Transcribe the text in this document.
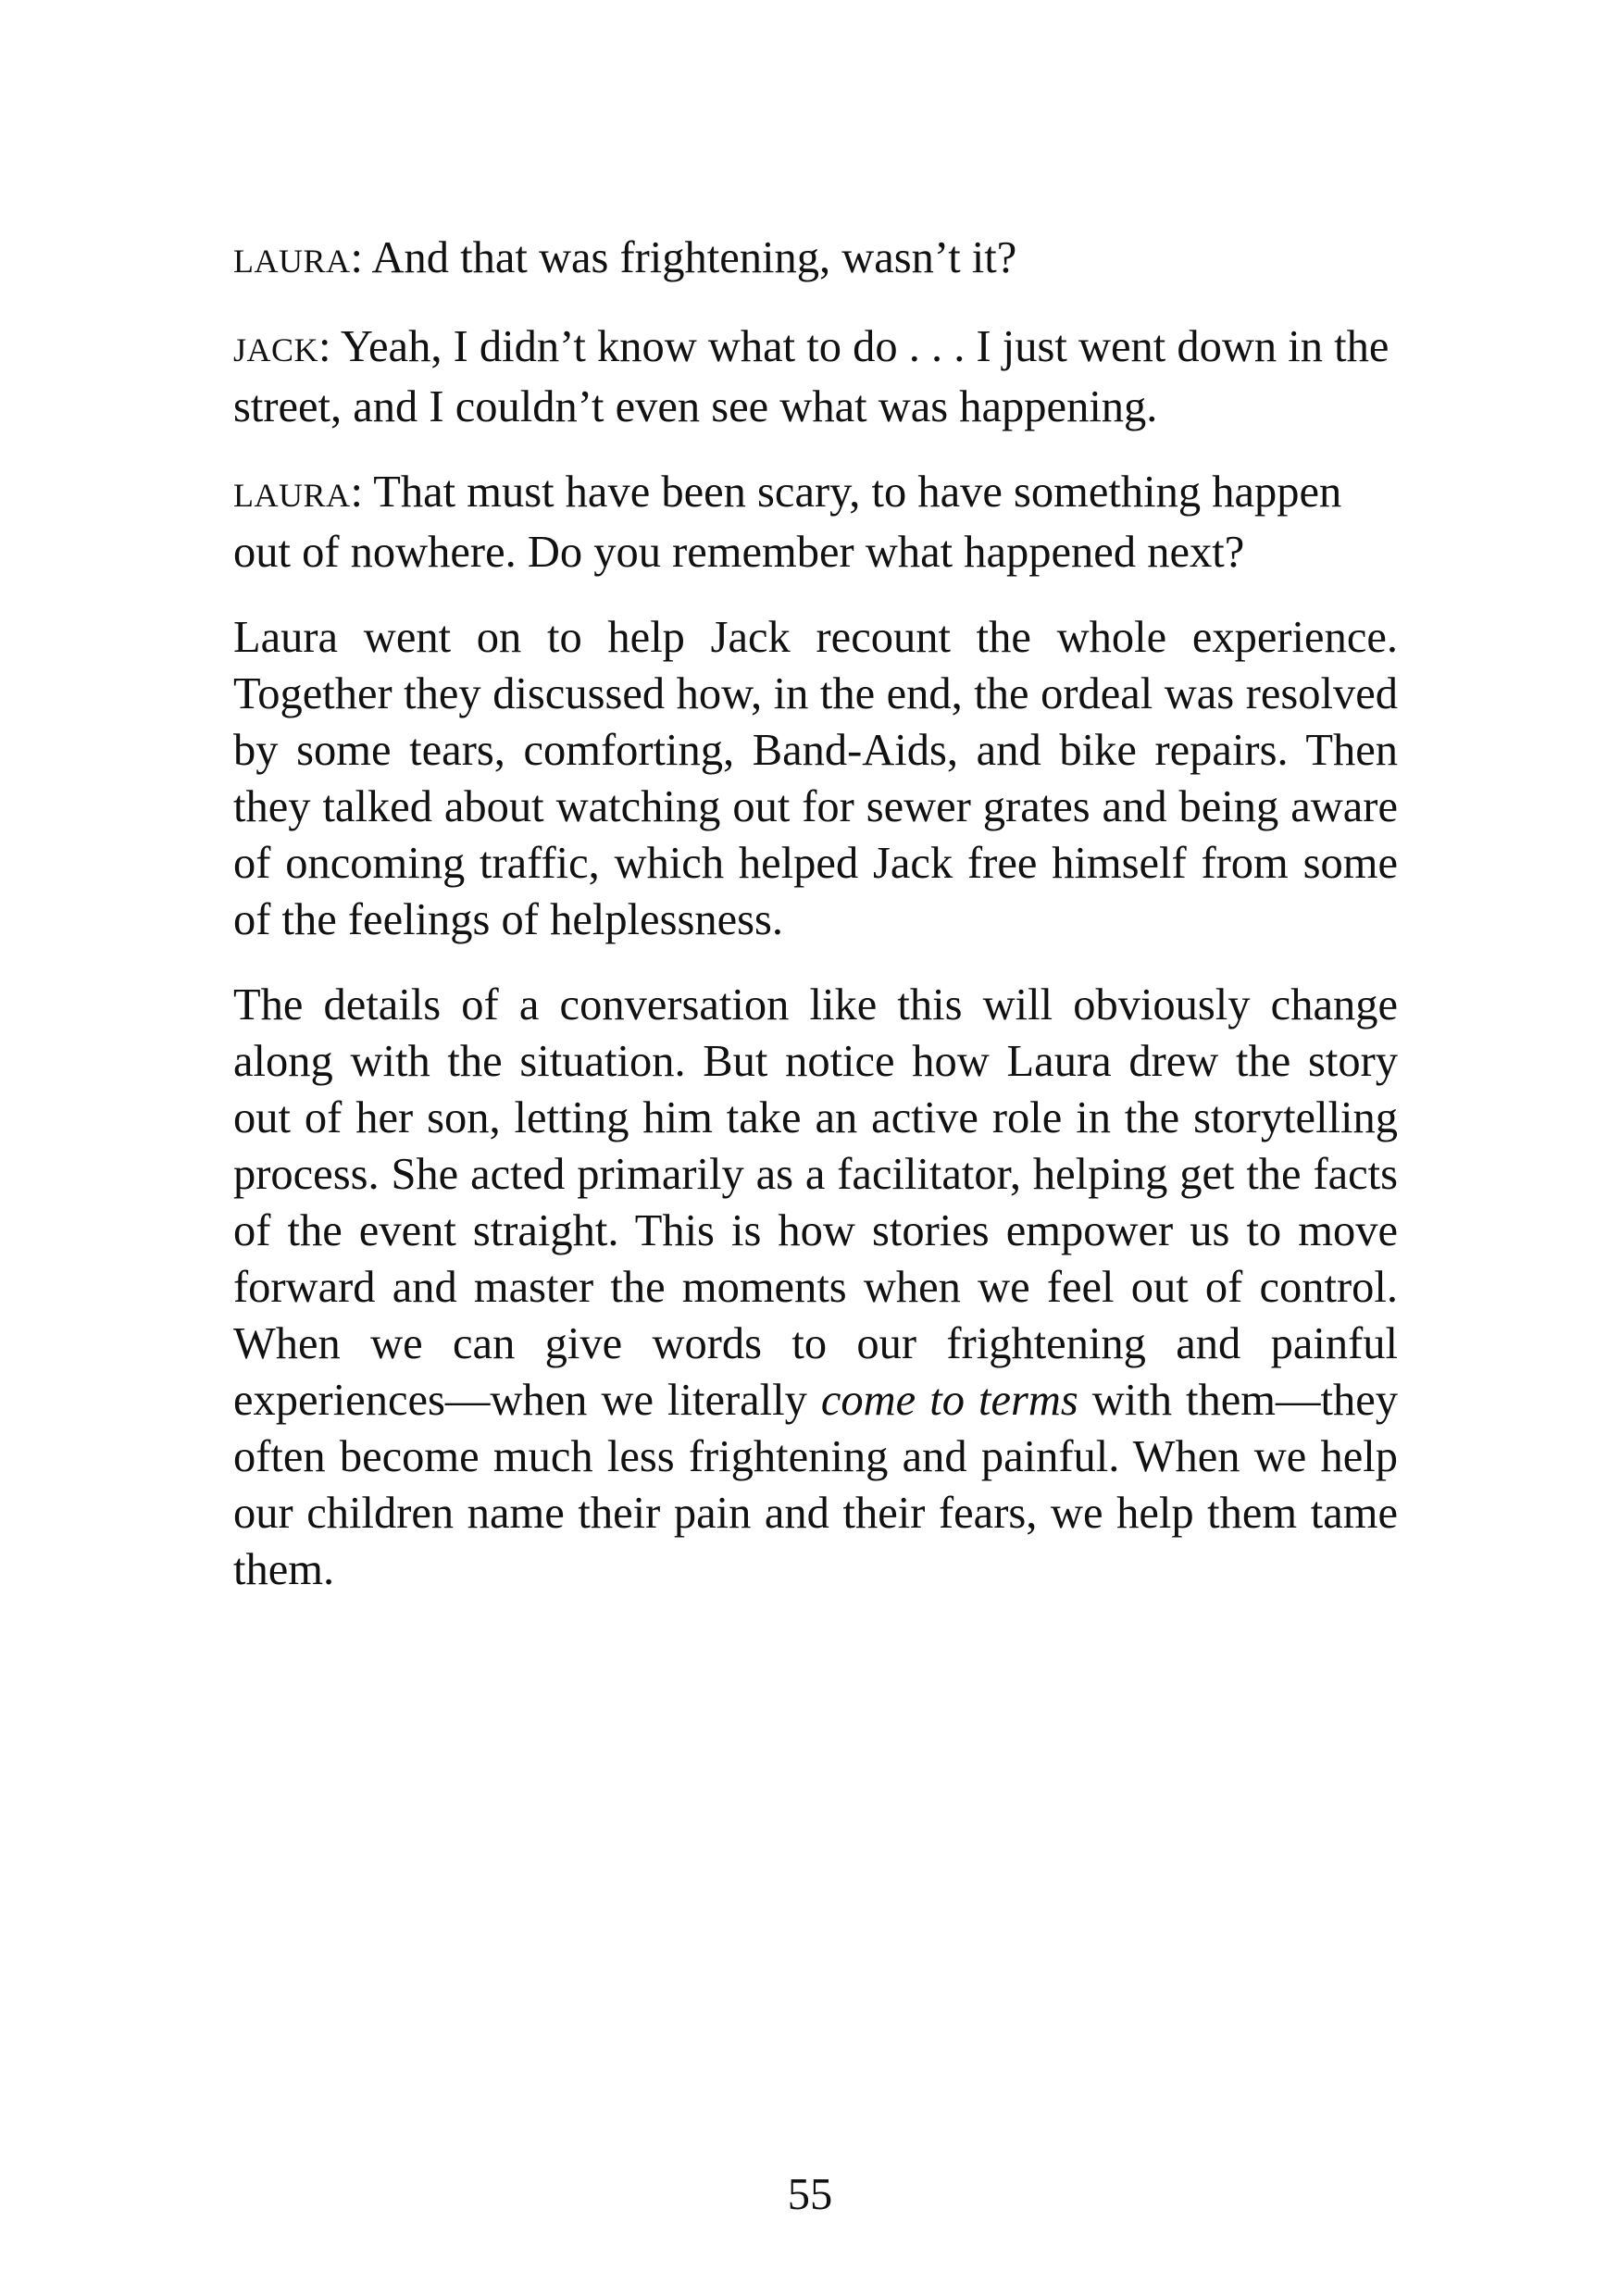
LAURA: And that was frightening, wasn’t it?

JACK: Yeah, I didn’t know what to do . . . I just went down in the street, and I couldn’t even see what was happening.

LAURA: That must have been scary, to have something happen out of nowhere. Do you remember what happened next?

Laura went on to help Jack recount the whole experience. Together they discussed how, in the end, the ordeal was resolved by some tears, comforting, Band-Aids, and bike repairs. Then they talked about watching out for sewer grates and being aware of oncoming traffic, which helped Jack free himself from some of the feelings of helplessness.

The details of a conversation like this will obviously change along with the situation. But notice how Laura drew the story out of her son, letting him take an active role in the storytelling process. She acted primarily as a facilitator, helping get the facts of the event straight. This is how stories empower us to move forward and master the moments when we feel out of control. When we can give words to our frightening and painful experiences—when we literally come to terms with them—they often become much less frightening and painful. When we help our children name their pain and their fears, we help them tame them.

55
